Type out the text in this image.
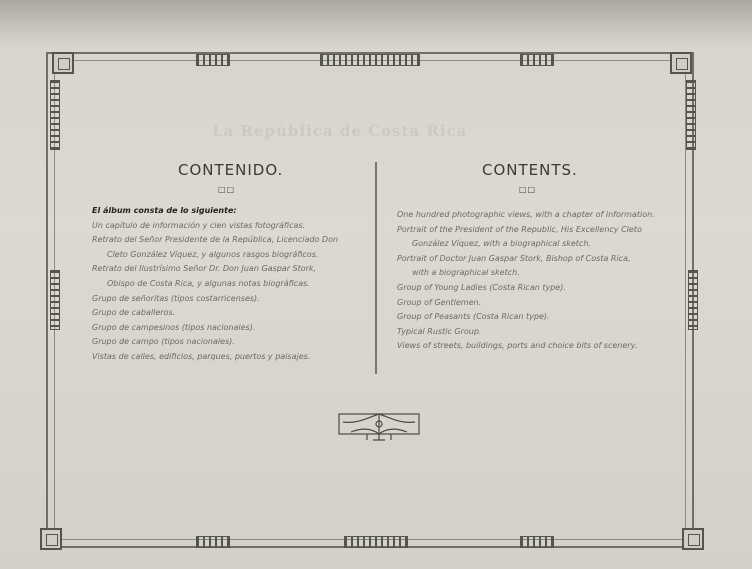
La República de Costa Rica
CONTENIDO.
□□
El álbum consta de lo siguiente:
Un capítulo de información y cien vistas fotográficas.
Retrato del Señor Presidente de la República, Licenciado Don
Cleto González Víquez, y algunos rasgos biográficos.
Retrato del Ilustrísimo Señor Dr. Don Juan Gaspar Stork,
Obispo de Costa Rica, y algunas notas biográficas.
Grupo de señoritas (tipos costarricenses).
Grupo de caballeros.
Grupo de campesinos (tipos nacionales).
Grupo de campo (tipos nacionales).
Vistas de calles, edificios, parques, puertos y paisajes.
CONTENTS.
□□
One hundred photographic views, with a chapter of information.
Portrait of the President of the Republic, His Excellency Cleto
González Víquez, with a biographical sketch.
Portrait of Doctor Juan Gaspar Stork, Bishop of Costa Rica,
with a biographical sketch.
Group of Young Ladies (Costa Rican type).
Group of Gentlemen.
Group of Peasants (Costa Rican type).
Typical Rustic Group.
Views of streets, buildings, ports and choice bits of scenery.
